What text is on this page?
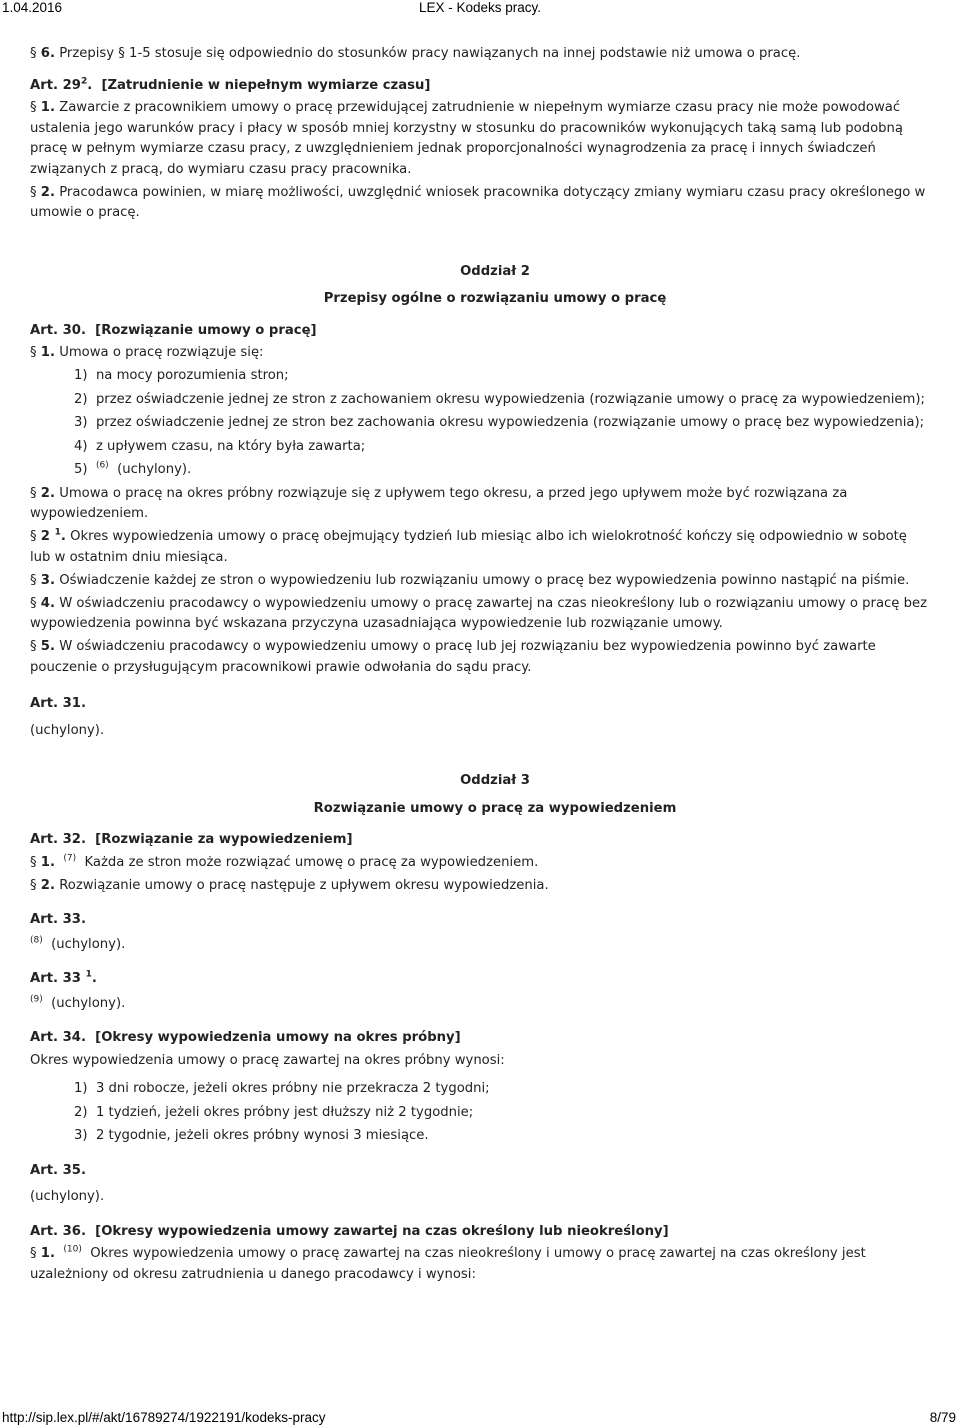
1.04.2016	LEX - Kodeks pracy.

§ 6. Przepisy § 1-5 stosuje się odpowiednio do stosunków pracy nawiązanych na innej podstawie niż umowa o pracę.

Art. $29^2$. [Zatrudnienie w niepełnym wymiarze czasu]

§ 1. Zawarcie z pracownikiem umowy o pracę przewidującej zatrudnienie w niepełnym wymiarze czasu pracy nie może powodować ustalenia jego warunków pracy i płacy w sposób mniej korzystny w stosunku do pracowników wykonujących taką samą lub podobną pracę w pełnym wymiarze czasu pracy, z uwzględnieniem jednak proporcjonalności wynagrodzenia za pracę i innych świadczeń związanych z pracą, do wymiaru czasu pracy pracownika.

§ 2. Pracodawca powinien, w miarę możliwości, uwzględnić wniosek pracownika dotyczący zmiany wymiaru czasu pracy określonego w umowie o pracę.

Oddział 2

Przepisy ogólne o rozwiązaniu umowy o pracę

Art. 30. [Rozwiązanie umowy o pracę]

§ 1. Umowa o pracę rozwiązuje się:

1) na mocy porozumienia stron;

2) przez oświadczenie jednej ze stron z zachowaniem okresu wypowiedzenia (rozwiązanie umowy o pracę za wypowiedzeniem);

3) przez oświadczenie jednej ze stron bez zachowania okresu wypowiedzenia (rozwiązanie umowy o pracę bez wypowiedzenia);

4) z upływem czasu, na który była zawarta;

5) $^{(6)}$ (uchylony).

§ 2. Umowa o pracę na okres próbny rozwiązuje się z upływem tego okresu, a przed jego upływem może być rozwiązana za wypowiedzeniem.

§ 2 $^1$. Okres wypowiedzenia umowy o pracę obejmujący tydzień lub miesiąc albo ich wielokrotność kończy się odpowiednio w sobotę lub w ostatnim dniu miesiąca.

§ 3. Oświadczenie każdej ze stron o wypowiedzeniu lub rozwiązaniu umowy o pracę bez wypowiedzenia powinno nastąpić na piśmie.

§ 4. W oświadczeniu pracodawcy o wypowiedzeniu umowy o pracę zawartej na czas nieokreślony lub o rozwiązaniu umowy o pracę bez wypowiedzenia powinna być wskazana przyczyna uzasadniająca wypowiedzenie lub rozwiązanie umowy.

§ 5. W oświadczeniu pracodawcy o wypowiedzeniu umowy o pracę lub jej rozwiązaniu bez wypowiedzenia powinno być zawarte pouczenie o przysługującym pracownikowi prawie odwołania do sądu pracy.

Art. 31.

(uchylony).

Oddział 3

Rozwiązanie umowy o pracę za wypowiedzeniem

Art. 32. [Rozwiązanie za wypowiedzeniem]

§ 1. $^{(7)}$ Każda ze stron może rozwiązać umowę o pracę za wypowiedzeniem.

§ 2. Rozwiązanie umowy o pracę następuje z upływem okresu wypowiedzenia.

Art. 33.

$^{(8)}$ (uchylony).

Art. 33 $^1$.

$^{(9)}$ (uchylony).

Art. 34. [Okresy wypowiedzenia umowy na okres próbny]

Okres wypowiedzenia umowy o pracę zawartej na okres próbny wynosi:

1) 3 dni robocze, jeżeli okres próbny nie przekracza 2 tygodni;

2) 1 tydzień, jeżeli okres próbny jest dłuższy niż 2 tygodnie;

3) 2 tygodnie, jeżeli okres próbny wynosi 3 miesiące.

Art. 35.

(uchylony).

Art. 36. [Okresy wypowiedzenia umowy zawartej na czas określony lub nieokreślony]

§ 1. $^{(10)}$ Okres wypowiedzenia umowy o pracę zawartej na czas nieokreślony i umowy o pracę zawartej na czas określony jest uzależniony od okresu zatrudnienia u danego pracodawcy i wynosi:

http://sip.lex.pl/#/akt/16789274/1922191/kodeks-pracy	8/79
